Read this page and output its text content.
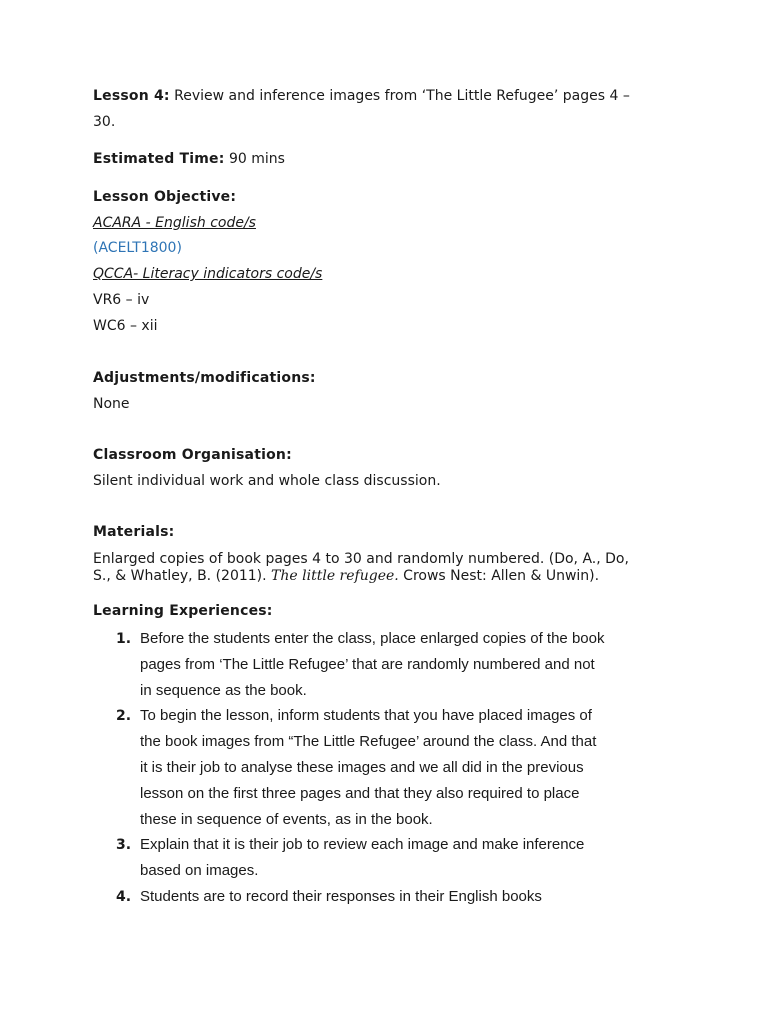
Lesson 4: Review and inference images from ‘The Little Refugee’ pages 4 –
30.
Estimated Time: 90 mins
Lesson Objective:
ACARA - English code/s
(ACELT1800)
QCCA- Literacy indicators code/s
VR6 – iv
WC6 – xii
Adjustments/modifications:
None
Classroom Organisation:
Silent individual work and whole class discussion.
Materials:
Enlarged copies of book pages 4 to 30 and randomly numbered. (Do, A., Do,
S., & Whatley, B. (2011). The little refugee. Crows Nest: Allen & Unwin).
Learning Experiences:
1. Before the students enter the class, place enlarged copies of the book
pages from ‘The Little Refugee’ that are randomly numbered and not
in sequence as the book.
2. To begin the lesson, inform students that you have placed images of
the book images from “The Little Refugee’ around the class. And that
it is their job to analyse these images and we all did in the previous
lesson on the first three pages and that they also required to place
these in sequence of events, as in the book.
3. Explain that it is their job to review each image and make inference
based on images.
4. Students are to record their responses in their English books
